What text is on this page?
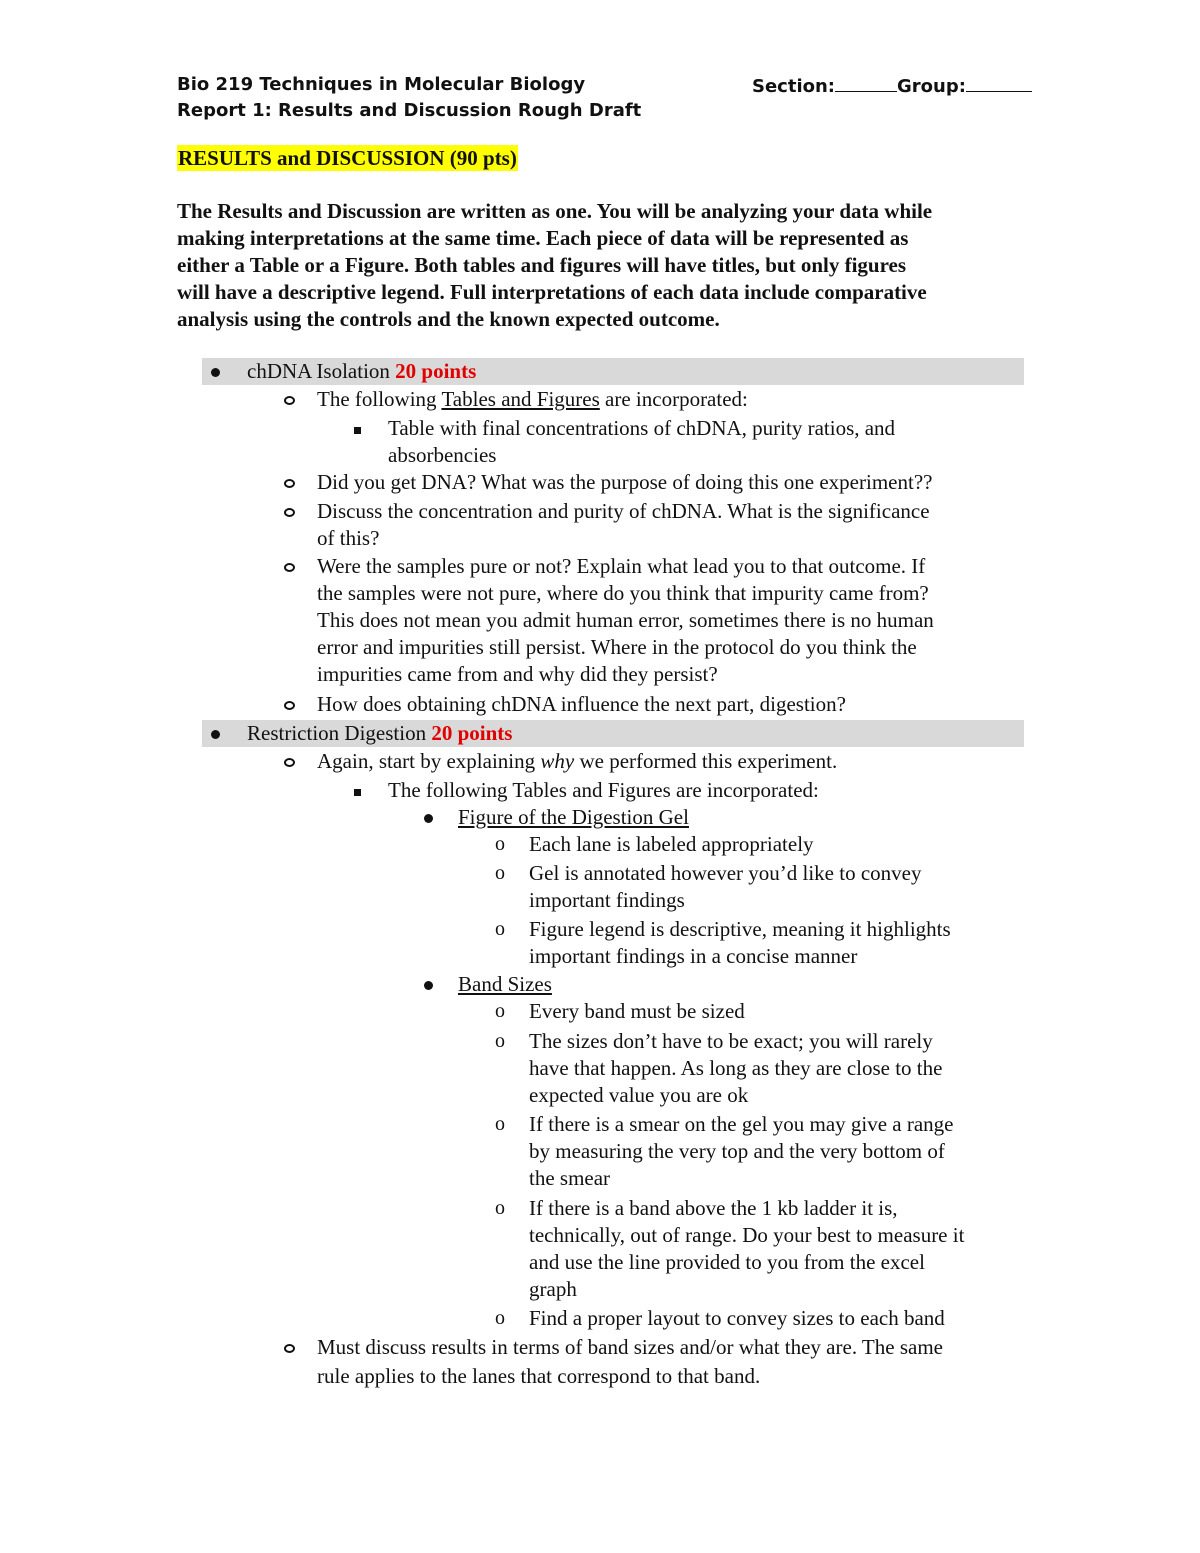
Bio 219 Techniques in Molecular Biology
Report 1: Results and Discussion Rough Draft
Section:	Group:
RESULTS and DISCUSSION (90 pts)
The Results and Discussion are written as one. You will be analyzing your data while
making interpretations at the same time. Each piece of data will be represented as
either a Table or a Figure. Both tables and figures will have titles, but only figures
will have a descriptive legend. Full interpretations of each data include comparative
analysis using the controls and the known expected outcome.
chDNA Isolation 20 points
The following Tables and Figures are incorporated:
Table with final concentrations of chDNA, purity ratios, and
absorbencies
Did you get DNA? What was the purpose of doing this one experiment??
Discuss the concentration and purity of chDNA. What is the significance
of this?
Were the samples pure or not? Explain what lead you to that outcome. If
the samples were not pure, where do you think that impurity came from?
This does not mean you admit human error, sometimes there is no human
error and impurities still persist. Where in the protocol do you think the
impurities came from and why did they persist?
How does obtaining chDNA influence the next part, digestion?
Restriction Digestion 20 points
Again, start by explaining why we performed this experiment.
The following Tables and Figures are incorporated:
Figure of the Digestion Gel
o Each lane is labeled appropriately
o Gel is annotated however you’d like to convey
important findings
o Figure legend is descriptive, meaning it highlights
important findings in a concise manner
Band Sizes
o Every band must be sized
o The sizes don’t have to be exact; you will rarely
have that happen. As long as they are close to the
expected value you are ok
o If there is a smear on the gel you may give a range
by measuring the very top and the very bottom of
the smear
o If there is a band above the 1 kb ladder it is,
technically, out of range. Do your best to measure it
and use the line provided to you from the excel
graph
o Find a proper layout to convey sizes to each band
Must discuss results in terms of band sizes and/or what they are. The same
rule applies to the lanes that correspond to that band.
